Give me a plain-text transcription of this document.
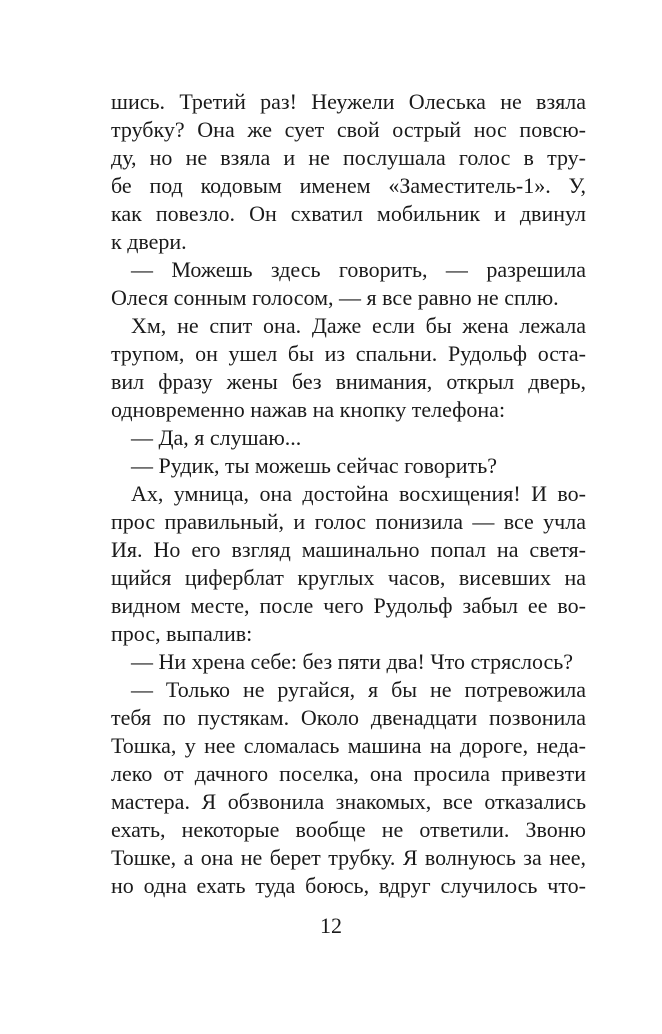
шись. Третий раз! Неужели Олеська не взяла
трубку? Она же сует свой острый нос повсю-
ду, но не взяла и не послушала голос в тру-
бе под кодовым именем «Заместитель-1». У,
как повезло. Он схватил мобильник и двинул
к двери.
— Можешь здесь говорить, — разрешила
Олеся сонным голосом, — я все равно не сплю.
Хм, не спит она. Даже если бы жена лежала
трупом, он ушел бы из спальни. Рудольф оста-
вил фразу жены без внимания, открыл дверь,
одновременно нажав на кнопку телефона:
— Да, я слушаю...
— Рудик, ты можешь сейчас говорить?
Ах, умница, она достойна восхищения! И во-
прос правильный, и голос понизила — все учла
Ия. Но его взгляд машинально попал на светя-
щийся циферблат круглых часов, висевших на
видном месте, после чего Рудольф забыл ее во-
прос, выпалив:
— Ни хрена себе: без пяти два! Что стряслось?
— Только не ругайся, я бы не потревожила
тебя по пустякам. Около двенадцати позвонила
Тошка, у нее сломалась машина на дороге, неда-
леко от дачного поселка, она просила привезти
мастера. Я обзвонила знакомых, все отказались
ехать, некоторые вообще не ответили. Звоню
Тошке, а она не берет трубку. Я волнуюсь за нее,
но одна ехать туда боюсь, вдруг случилось что-
12
